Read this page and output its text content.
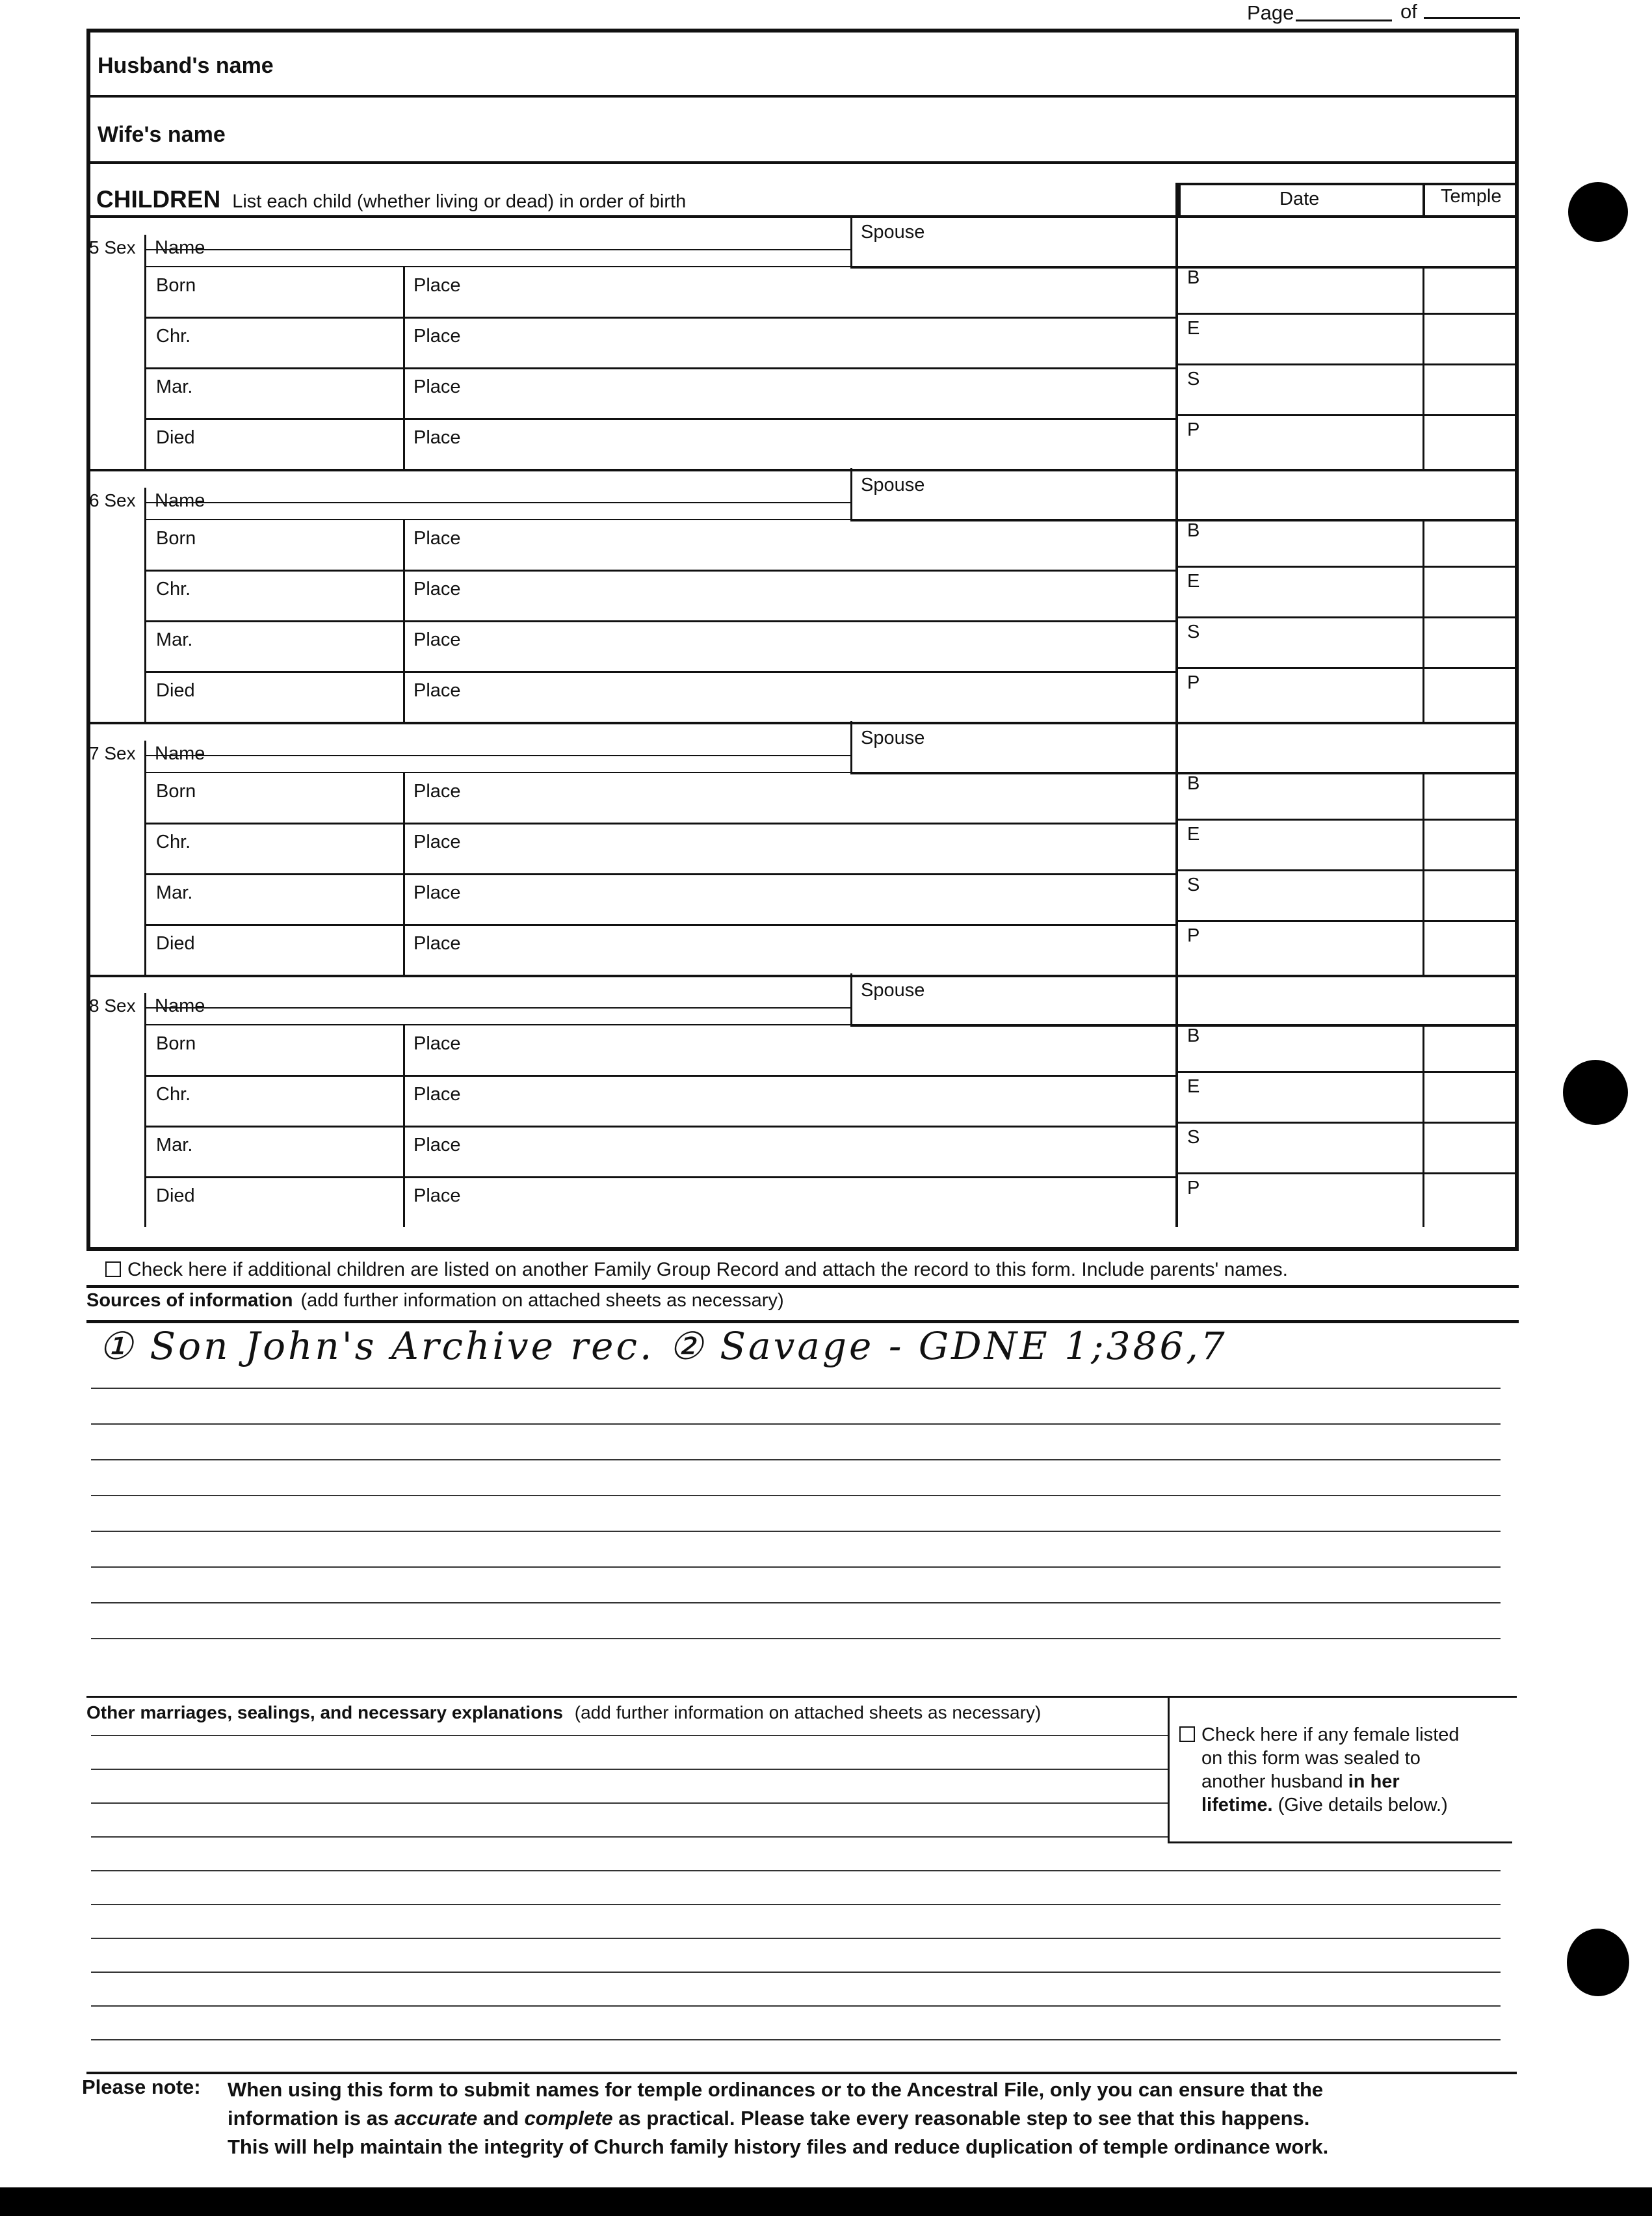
Page	of
Husband's name
Wife's name
CHILDREN List each child (whether living or dead) in order of birth	Date	Temple
5 Sex Name
Spouse
Born	Place	B
Chr.	Place	E
Mar.	Place	S
Died	Place	P
6 Sex Name
Spouse
Born	Place	B
Chr.	Place	E
Mar.	Place	S
Died	Place	P
7 Sex Name
Spouse
Born	Place	B
Chr.	Place	E
Mar.	Place	S
Died	Place	P
8 Sex Name
Spouse
Born	Place	B
Chr.	Place	E
Mar.	Place	S
Died	Place	P
Check here if additional children are listed on another Family Group Record and attach the record to this form. Include parents' names.
Sources of information (add further information on attached sheets as necessary)
① Son John's Archive rec. ② Savage - GDNE 1;386,7
Other marriages, sealings, and necessary explanations (add further information on attached sheets as necessary)
Check here if any female listed
on this form was sealed to
another husband in her
lifetime. (Give details below.)
Please note: When using this form to submit names for temple ordinances or to the Ancestral File, only you can ensure that the
information is as accurate and complete as practical. Please take every reasonable step to see that this happens.
This will help maintain the integrity of Church family history files and reduce duplication of temple ordinance work.
